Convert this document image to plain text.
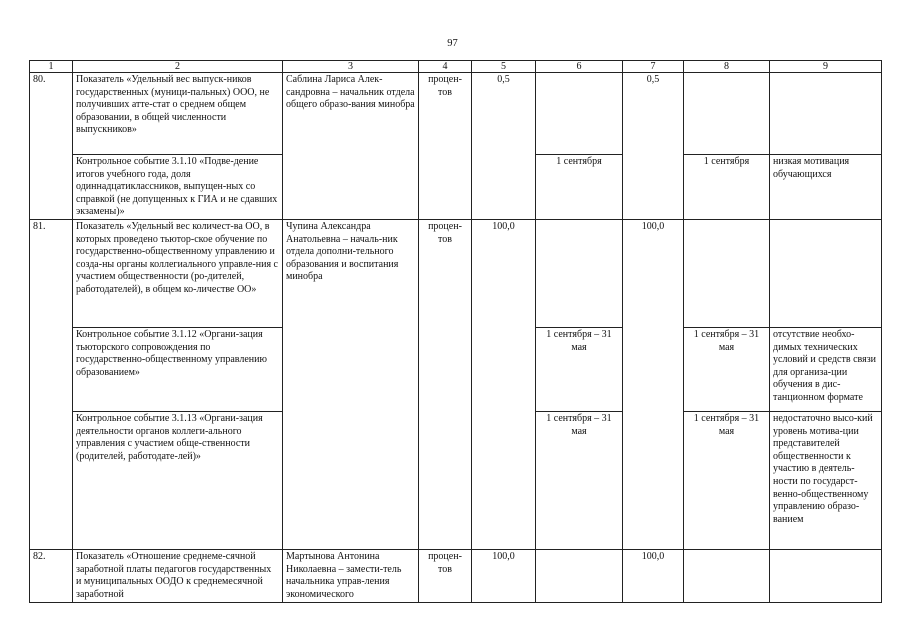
97
1	2	3	4	5	6	7	8	9
80.	Показатель «Удельный вес выпуск-ников государственных (муници-пальных) ООО, не получивших атте-стат о среднем общем образовании, в общей численности выпускников»	Саблина Лариса Алек-сандровна – начальник отдела общего образо-вания минобра	процен-тов	0,5		0,5		
	Контрольное событие 3.1.10 «Подве-дение итогов учебного года, доля одиннадцатиклассников, выпущен-ных со справкой (не допущенных к ГИА и не сдавших экзамены)»				1 сентября		1 сентября	низкая мотивация обучающихся
81.	Показатель «Удельный вес количест-ва ОО, в которых проведено тьютор-ское обучение по государственно-общественному управлению и созда-ны органы коллегиального управле-ния с участием общественности (ро-дителей, работодателей), в общем ко-личестве ОО»	Чупина Александра Анатольевна – началь-ник отдела дополни-тельного образования и воспитания минобра	процен-тов	100,0		100,0		
	Контрольное событие 3.1.12 «Органи-зация тьюторского сопровождения по государственно-общественному управлению образованием»				1 сентября – 31 мая		1 сентября – 31 мая	отсутствие необхо-димых технических условий и средств связи для организа-ции обучения в дис-танционном формате
	Контрольное событие 3.1.13 «Органи-зация деятельности органов коллеги-ального управления с участием обще-ственности (родителей, работодате-лей)»				1 сентября – 31 мая		1 сентября – 31 мая	недостаточно высо-кий уровень мотива-ции представителей общественности к участию в деятель-ности по государст-венно-общественному управлению образо-ванием
82.	Показатель «Отношение среднеме-сячной заработной платы педагогов государственных и муниципальных ООДО к среднемесячной заработной	Мартынова Антонина Николаевна – замести-тель начальника управ-ления экономического	процен-тов	100,0		100,0		
